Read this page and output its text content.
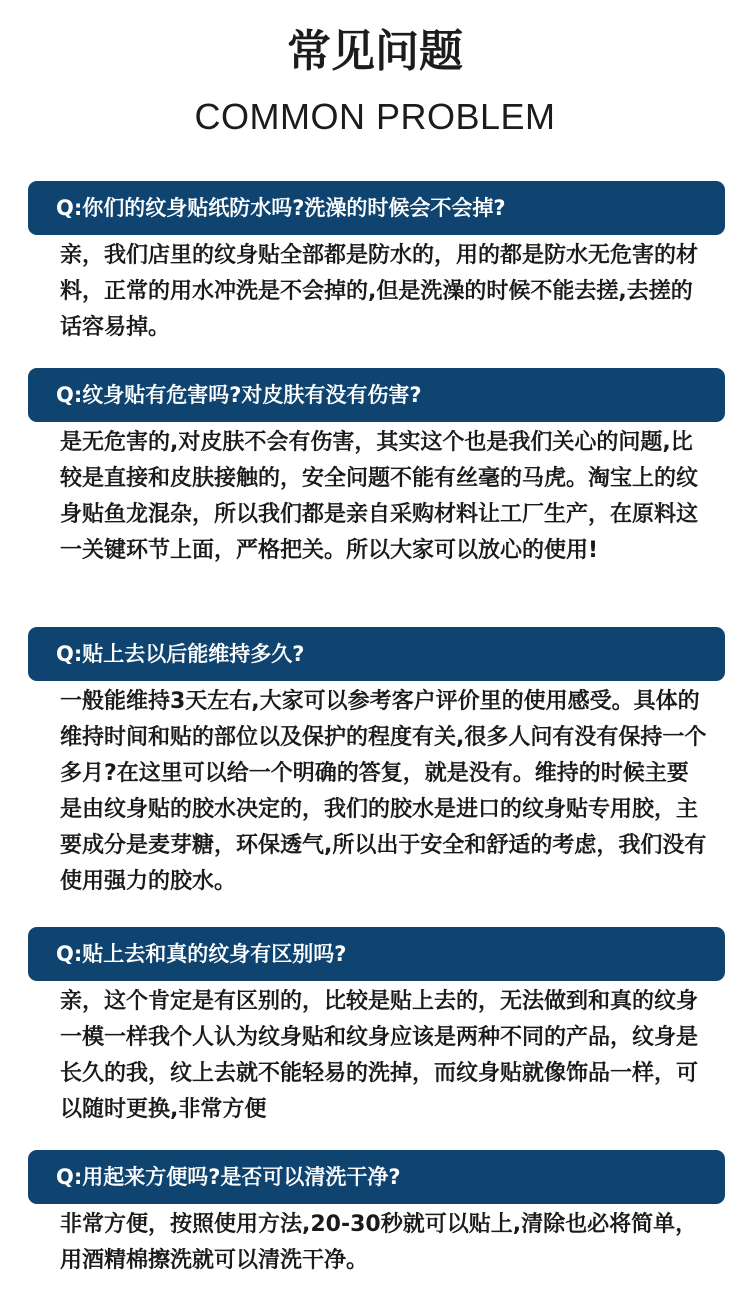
常见问题
COMMON PROBLEM
Q:你们的纹身贴纸防水吗?洗澡的时候会不会掉?

亲，我们店里的纹身贴全部都是防水的，用的都是防水无危害的材料，正常的用水冲洗是不会掉的,但是洗澡的时候不能去搓,去搓的话容易掉。

Q:纹身贴有危害吗?对皮肤有没有伤害?

是无危害的,对皮肤不会有伤害，其实这个也是我们关心的问题,比较是直接和皮肤接触的，安全问题不能有丝毫的马虎。淘宝上的纹身贴鱼龙混杂，所以我们都是亲自采购材料让工厂生产，在原料这一关键环节上面，严格把关。所以大家可以放心的使用!

Q:贴上去以后能维持多久?

一般能维持3天左右,大家可以参考客户评价里的使用感受。具体的维持时间和贴的部位以及保护的程度有关,很多人问有没有保持一个多月?在这里可以给一个明确的答复，就是没有。维持的时候主要是由纹身贴的胶水决定的，我们的胶水是进口的纹身贴专用胶，主要成分是麦芽糖，环保透气,所以出于安全和舒适的考虑，我们没有使用强力的胶水。

Q:贴上去和真的纹身有区别吗?

亲，这个肯定是有区别的，比较是贴上去的，无法做到和真的纹身一模一样我个人认为纹身贴和纹身应该是两种不同的产品，纹身是长久的我，纹上去就不能轻易的洗掉，而纹身贴就像饰品一样，可以随时更换,非常方便

Q:用起来方便吗?是否可以清洗干净?

非常方便，按照使用方法,20-30秒就可以贴上,清除也必将简单，用酒精棉擦洗就可以清洗干净。
